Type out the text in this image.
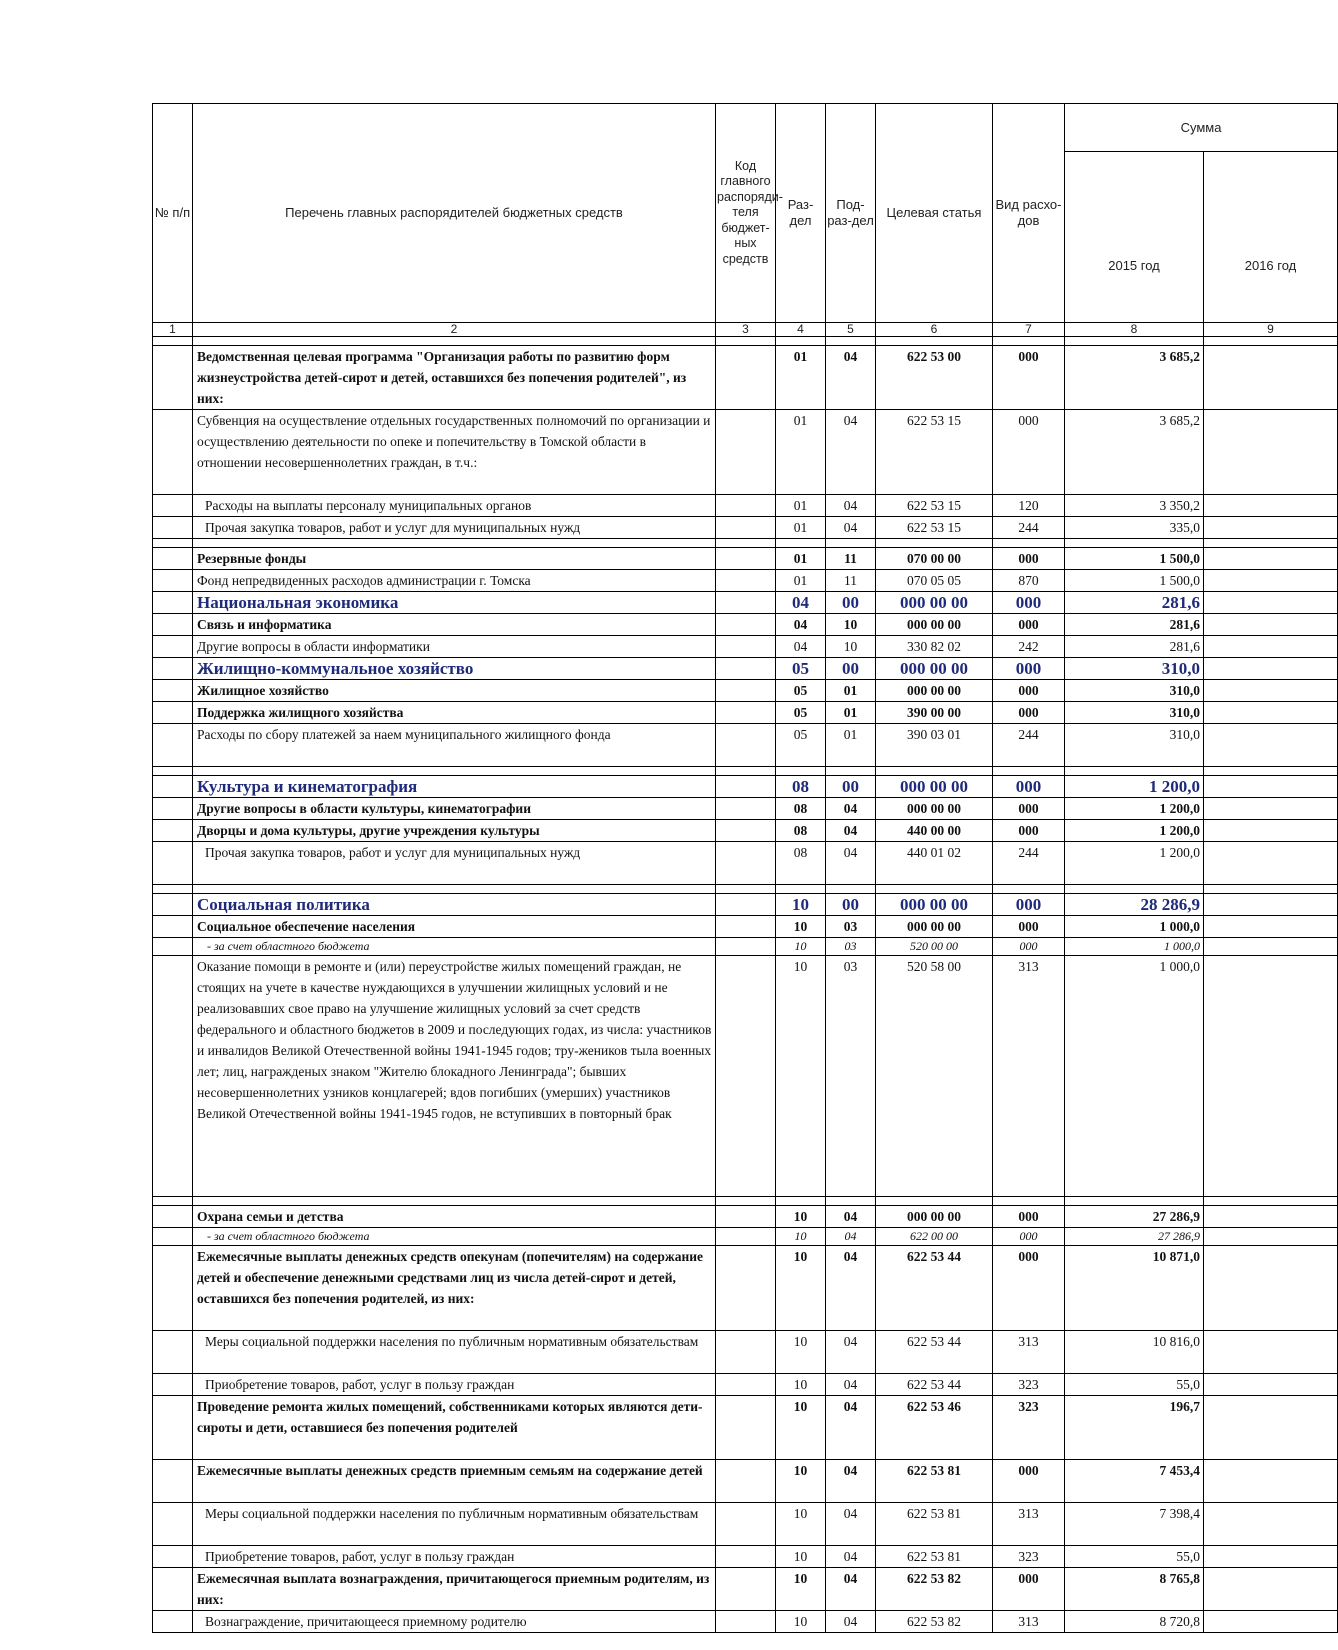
№ п/п	Перечень главных распорядителей бюджетных средств	Код главного распоряди-теля бюджет-ных средств	Раз-дел	Под-раз-дел	Целевая статья	Вид расхо-дов	Сумма	
							2015 год	2016 год
1	2	3	4	5	6	7	8	9

	Ведомственная целевая программа "Организация работы по развитию форм жизнеустройства детей-сирот и детей, оставшихся без попечения родителей", из них:		01	04	622 53 00	000	3 685,2	
	Субвенция на осуществление отдельных государственных полномочий по организации и осуществлению деятельности по опеке и попечительству в Томской области в отношении несовершеннолетних граждан, в т.ч.:		01	04	622 53 15	000	3 685,2	
	Расходы на выплаты персоналу муниципальных органов		01	04	622 53 15	120	3 350,2	
	Прочая закупка товаров, работ и услуг для муниципальных нужд		01	04	622 53 15	244	335,0	

	Резервные фонды		01	11	070 00 00	000	1 500,0	
	Фонд непредвиденных расходов администрации г. Томска		01	11	070 05 05	870	1 500,0	
	Национальная экономика		04	00	000 00 00	000	281,6	
	Связь и информатика		04	10	000 00 00	000	281,6	
	Другие вопросы в области информатики		04	10	330 82 02	242	281,6	
	Жилищно-коммунальное хозяйство		05	00	000 00 00	000	310,0	
	Жилищное хозяйство		05	01	000 00 00	000	310,0	
	Поддержка жилищного хозяйства		05	01	390 00 00	000	310,0	
	Расходы по сбору платежей за наем муниципального жилищного фонда		05	01	390 03 01	244	310,0	

	Культура и кинематография		08	00	000 00 00	000	1 200,0	
	Другие вопросы в области культуры, кинематографии		08	04	000 00 00	000	1 200,0	
	Дворцы и дома культуры, другие учреждения культуры		08	04	440 00 00	000	1 200,0	
	Прочая закупка товаров, работ и услуг для муниципальных нужд		08	04	440 01 02	244	1 200,0	

	Социальная политика		10	00	000 00 00	000	28 286,9	
	Социальное обеспечение населения		10	03	000 00 00	000	1 000,0	
	- за счет областного бюджета		10	03	520 00 00	000	1 000,0	
	Оказание помощи в ремонте и (или) переустройстве жилых помещений граждан, не стоящих на учете в качестве нуждающихся в улучшении жилищных условий и не реализовавших свое право на улучшение жилищных условий за счет средств федерального и областного бюджетов в 2009 и последующих годах, из числа: участников и инвалидов Великой Отечественной войны 1941-1945 годов; тру-жеников тыла военных лет; лиц, награжденых знаком "Жителю блокадного Ленинграда"; бывших несовершеннолетних узников концлагерей; вдов погибших (умерших) участников Великой Отечественной войны 1941-1945 годов, не вступивших в повторный брак		10	03	520 58 00	313	1 000,0	

	Охрана семьи и детства		10	04	000 00 00	000	27 286,9	
	- за счет областного бюджета		10	04	622 00 00	000	27 286,9	
	Ежемесячные выплаты денежных средств опекунам (попечителям) на содержание детей и обеспечение денежными средствами лиц из числа детей-сирот и детей, оставшихся без попечения родителей, из них:		10	04	622 53 44	000	10 871,0	
	Меры социальной поддержки населения по публичным нормативным обязательствам		10	04	622 53 44	313	10 816,0	
	Приобретение товаров, работ, услуг в пользу граждан		10	04	622 53 44	323	55,0	
	Проведение ремонта жилых помещений, собственниками которых являются дети-сироты и дети, оставшиеся без попечения родителей		10	04	622 53 46	323	196,7	
	Ежемесячные выплаты денежных средств приемным семьям на содержание детей		10	04	622 53 81	000	7 453,4	
	Меры социальной поддержки населения по публичным нормативным обязательствам		10	04	622 53 81	313	7 398,4	
	Приобретение товаров, работ, услуг в пользу граждан		10	04	622 53 81	323	55,0	
	Ежемесячная выплата вознаграждения, причитающегося приемным родителям, из них:		10	04	622 53 82	000	8 765,8	
	Вознаграждение, причитающееся приемному родителю		10	04	622 53 82	313	8 720,8	
